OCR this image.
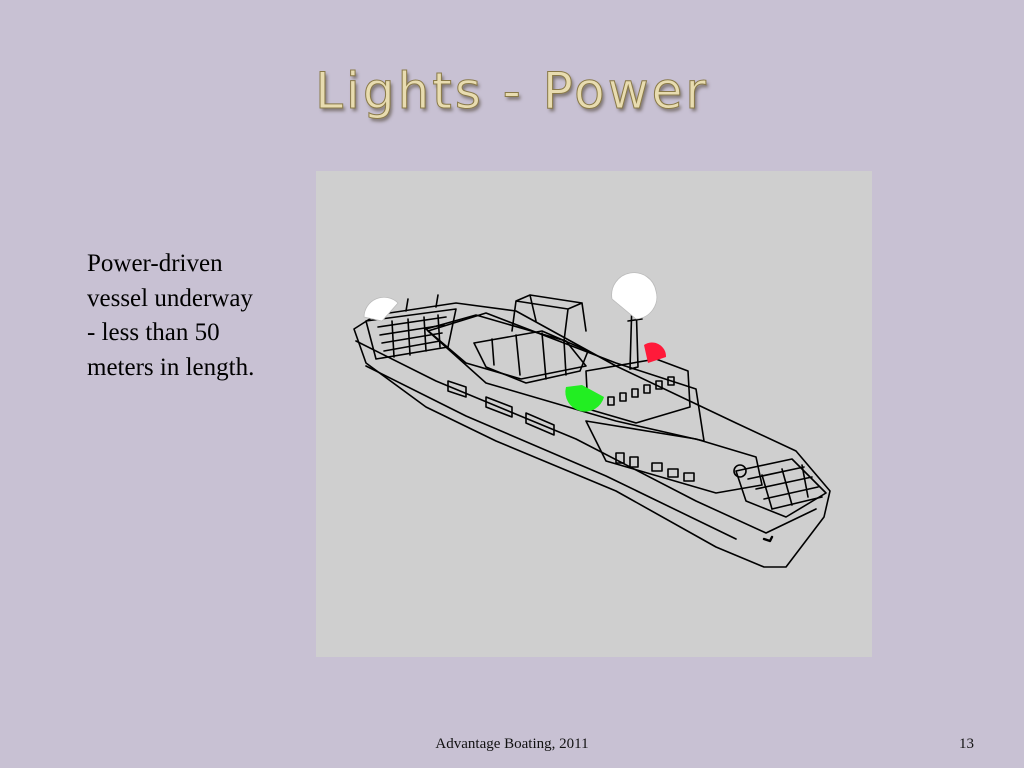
Lights - Power
Power-driven vessel underway - less than 50 meters in length.
Advantage Boating, 2011	13
